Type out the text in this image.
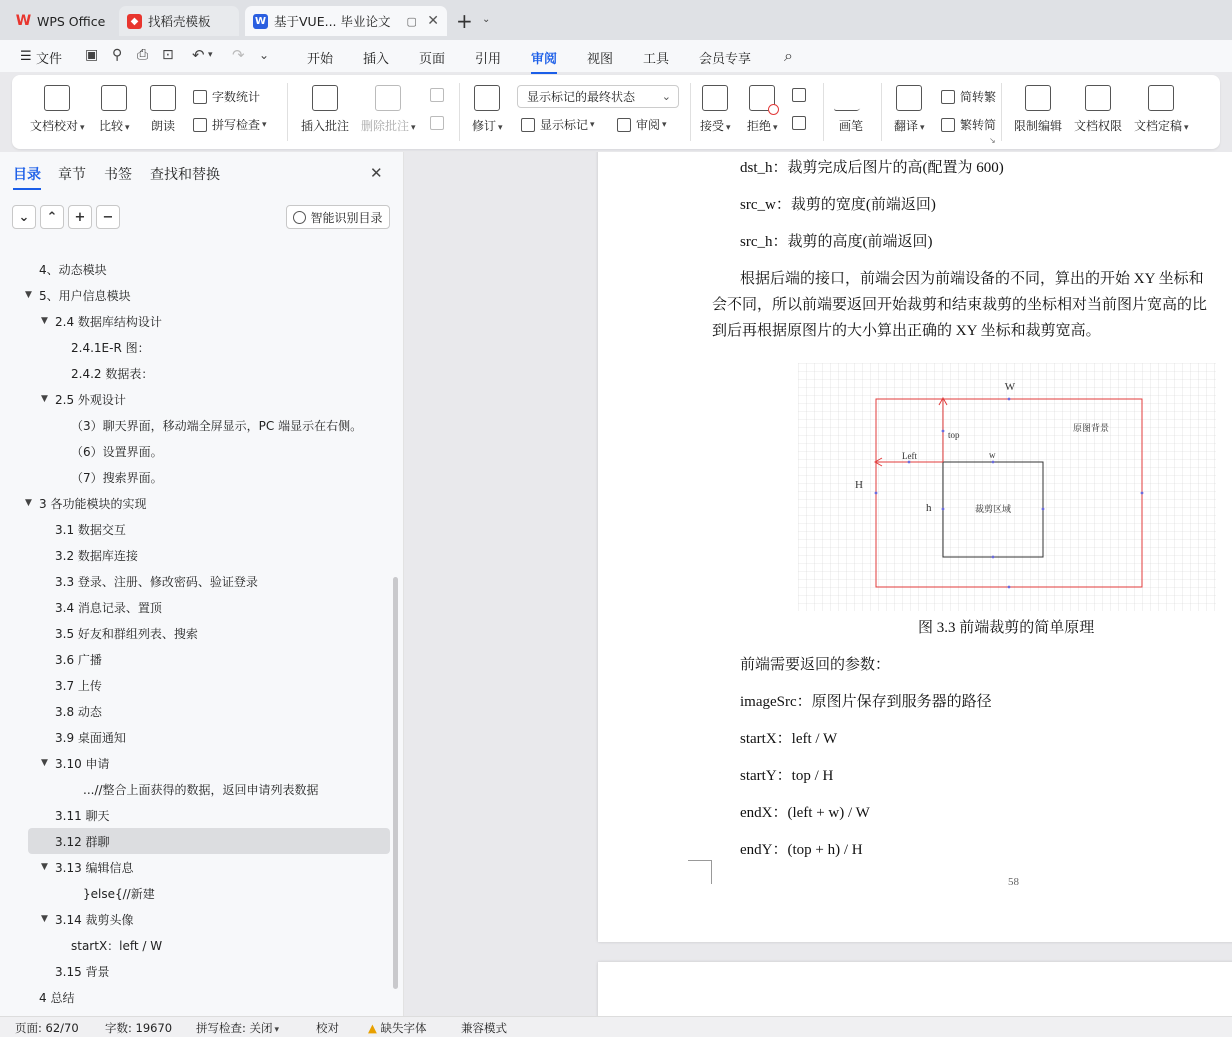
W WPS Office	◆ 找稻壳模板	W 基于VUE... 毕业论文 ▢ ✕ + ⌄
☰ 文件 ▣ ⚲ ⎙ ⊡ ↶ ▾ ↷ ⌄	开始 插入 页面 引用 审阅 视图 工具 会员专享 ⌕
文档校对 ▾ 比较 ▾ 朗读
字数统计
拼写检查 ▾	插入批注 删除批注 ▾	修订 ▾
显示标记的最终状态 ⌄
显示标记 ▾	审阅 ▾	接受 ▾ 拒绝 ▾	画笔	翻译 ▾
简转繁
繁转简
↘
限制编辑 文档权限 文档定稿 ▾
目录 章节 书签 查找和替换	✕
⌄	⌃	+	−	智能识别目录
4、动态模块
▼ 5、用户信息模块
▼ 2.4 数据库结构设计
2.4.1E-R 图：
2.4.2 数据表：
▼ 2.5 外观设计
（3）聊天界面，移动端全屏显示，PC 端显示在右侧。
（6）设置界面。
（7）搜索界面。
▼ 3 各功能模块的实现
3.1 数据交互
3.2 数据库连接
3.3 登录、注册、修改密码、验证登录
3.4 消息记录、置顶
3.5 好友和群组列表、搜索
3.6 广播
3.7 上传
3.8 动态
3.9 桌面通知
▼ 3.10 申请
...//整合上面获得的数据，返回申请列表数据
3.11 聊天
3.12 群聊
▼ 3.13 编辑信息
}else{//新建
▼ 3.14 裁剪头像
startX：left / W
3.15 背景
4 总结
dst_h：裁剪完成后图片的高(配置为 600)
src_w：裁剪的宽度(前端返回)
src_h：裁剪的高度(前端返回)
根据后端的接口，前端会因为前端设备的不同，算出的开始 XY 坐标和
会不同，所以前端要返回开始裁剪和结束裁剪的坐标相对当前图片宽高的比
到后再根据原图片的大小算出正确的 XY 坐标和裁剪宽高。
W
top
原图背景
Left	w
H
h	裁剪区域
图 3.3 前端裁剪的简单原理
前端需要返回的参数：
imageSrc：原图片保存到服务器的路径
startX：left / W
startY：top / H
endX：(left + w) / W
endY：(top + h) / H
58
页面: 62/70 字数: 19670 拼写检查: 关闭 ▾	校对	▲ 缺失字体	兼容模式
